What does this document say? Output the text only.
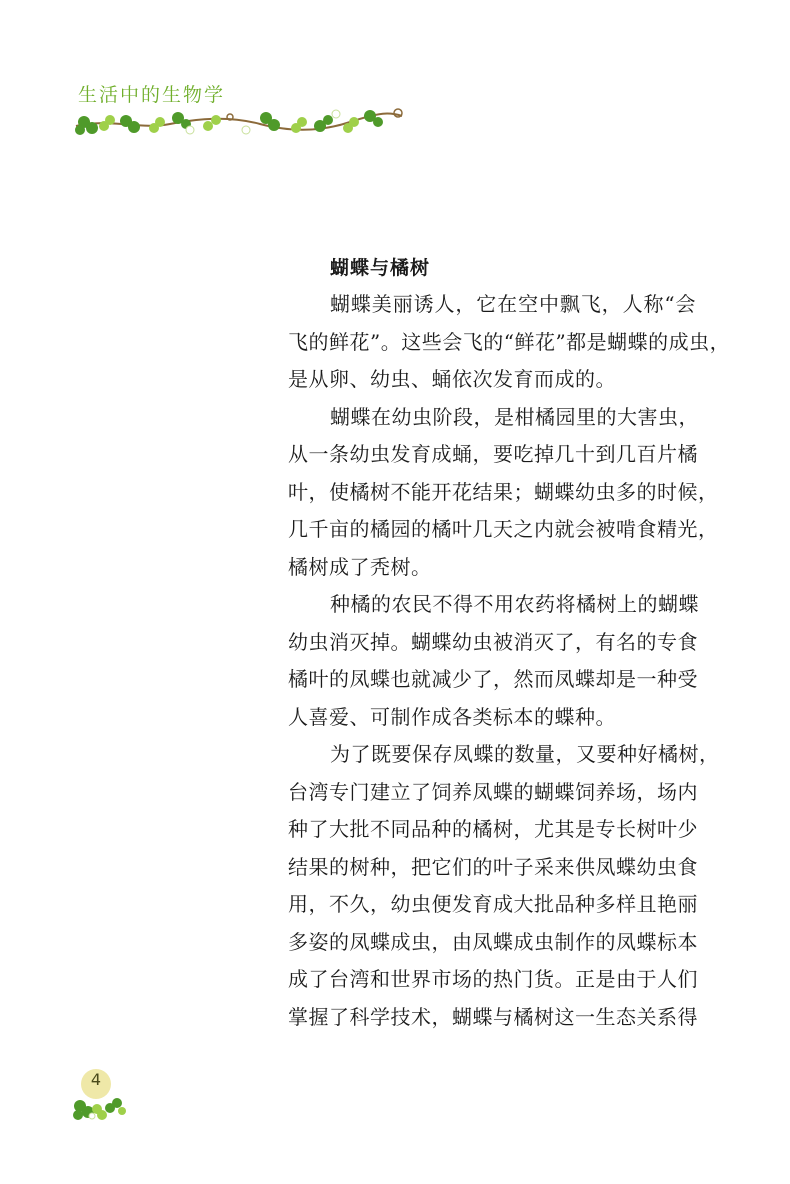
生活中的生物学
蝴蝶与橘树
蝴蝶美丽诱人，它在空中飘飞，人称“会
飞的鲜花”。这些会飞的“鲜花”都是蝴蝶的成虫，
是从卵、幼虫、蛹依次发育而成的。
蝴蝶在幼虫阶段，是柑橘园里的大害虫，
从一条幼虫发育成蛹，要吃掉几十到几百片橘
叶，使橘树不能开花结果；蝴蝶幼虫多的时候，
几千亩的橘园的橘叶几天之内就会被啃食精光，
橘树成了秃树。
种橘的农民不得不用农药将橘树上的蝴蝶
幼虫消灭掉。蝴蝶幼虫被消灭了，有名的专食
橘叶的凤蝶也就减少了，然而凤蝶却是一种受
人喜爱、可制作成各类标本的蝶种。
为了既要保存凤蝶的数量，又要种好橘树，
台湾专门建立了饲养凤蝶的蝴蝶饲养场，场内
种了大批不同品种的橘树，尤其是专长树叶少
结果的树种，把它们的叶子采来供凤蝶幼虫食
用，不久，幼虫便发育成大批品种多样且艳丽
多姿的凤蝶成虫，由凤蝶成虫制作的凤蝶标本
成了台湾和世界市场的热门货。正是由于人们
掌握了科学技术，蝴蝶与橘树这一生态关系得
4
